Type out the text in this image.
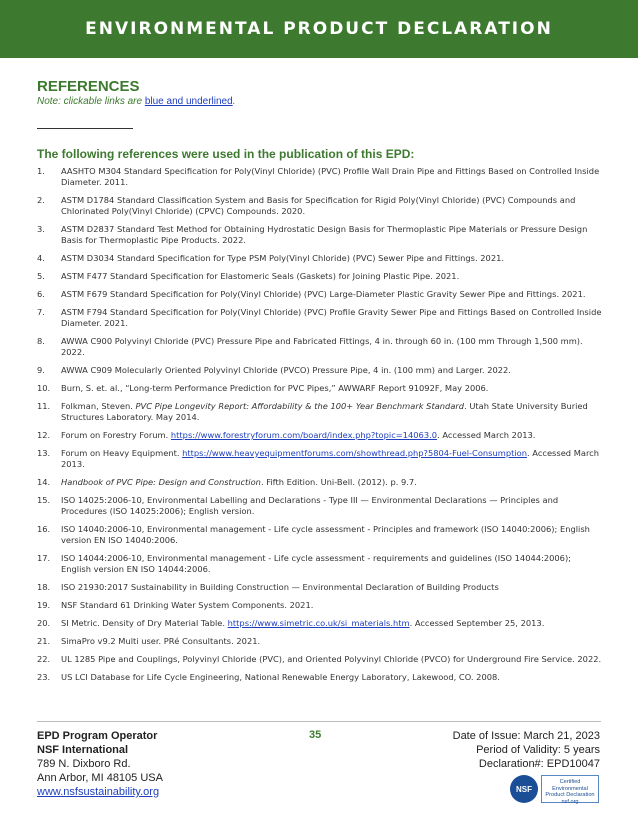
ENVIRONMENTAL PRODUCT DECLARATION
REFERENCES
Note: clickable links are blue and underlined.
The following references were used in the publication of this EPD:
1.	AASHTO M304 Standard Specification for Poly(Vinyl Chloride) (PVC) Profile Wall Drain Pipe and Fittings Based on Controlled Inside Diameter. 2011.
2.	ASTM D1784 Standard Classification System and Basis for Specification for Rigid Poly(Vinyl Chloride) (PVC) Compounds and Chlorinated Poly(Vinyl Chloride) (CPVC) Compounds. 2020.
3.	ASTM D2837 Standard Test Method for Obtaining Hydrostatic Design Basis for Thermoplastic Pipe Materials or Pressure Design Basis for Thermoplastic Pipe Products. 2022.
4.	ASTM D3034 Standard Specification for Type PSM Poly(Vinyl Chloride) (PVC) Sewer Pipe and Fittings. 2021.
5.	ASTM F477 Standard Specification for Elastomeric Seals (Gaskets) for Joining Plastic Pipe. 2021.
6.	ASTM F679 Standard Specification for Poly(Vinyl Chloride) (PVC) Large-Diameter Plastic Gravity Sewer Pipe and Fittings. 2021.
7.	ASTM F794 Standard Specification for Poly(Vinyl Chloride) (PVC) Profile Gravity Sewer Pipe and Fittings Based on Controlled Inside Diameter. 2021.
8.	AWWA C900 Polyvinyl Chloride (PVC) Pressure Pipe and Fabricated Fittings, 4 in. through 60 in. (100 mm Through 1,500 mm). 2022.
9.	AWWA C909 Molecularly Oriented Polyvinyl Chloride (PVCO) Pressure Pipe, 4 in. (100 mm) and Larger. 2022.
10.	Burn, S. et. al., “Long-term Performance Prediction for PVC Pipes,” AWWARF Report 91092F, May 2006.
11.	Folkman, Steven. PVC Pipe Longevity Report: Affordability & the 100+ Year Benchmark Standard. Utah State University Buried Structures Laboratory. May 2014.
12.	Forum on Forestry Forum. https://www.forestryforum.com/board/index.php?topic=14063.0. Accessed March 2013.
13.	Forum on Heavy Equipment. https://www.heavyequipmentforums.com/showthread.php?5804-Fuel-Consumption. Accessed March 2013.
14.	Handbook of PVC Pipe: Design and Construction. Fifth Edition. Uni-Bell. (2012). p. 9.7.
15.	ISO 14025:2006-10, Environmental Labelling and Declarations - Type III — Environmental Declarations — Principles and Procedures (ISO 14025:2006); English version.
16.	ISO 14040:2006-10, Environmental management - Life cycle assessment - Principles and framework (ISO 14040:2006); English version EN ISO 14040:2006.
17.	ISO 14044:2006-10, Environmental management - Life cycle assessment - requirements and guidelines (ISO 14044:2006); English version EN ISO 14044:2006.
18.	ISO 21930:2017 Sustainability in Building Construction — Environmental Declaration of Building Products
19.	NSF Standard 61 Drinking Water System Components. 2021.
20.	SI Metric. Density of Dry Material Table. https://www.simetric.co.uk/si_materials.htm. Accessed September 25, 2013.
21.	SimaPro v9.2 Multi user. PRé Consultants. 2021.
22.	UL 1285 Pipe and Couplings, Polyvinyl Chloride (PVC), and Oriented Polyvinyl Chloride (PVCO) for Underground Fire Service. 2022.
23.	US LCI Database for Life Cycle Engineering, National Renewable Energy Laboratory, Lakewood, CO. 2008.
EPD Program Operator
NSF International
789 N. Dixboro Rd.
Ann Arbor, MI 48105 USA
www.nsfsustainability.org
35	Date of Issue: March 21, 2023
Period of Validity: 5 years
Declaration#: EPD10047
NSF
Certified
Environmental
Product Declaration
nsf.org
